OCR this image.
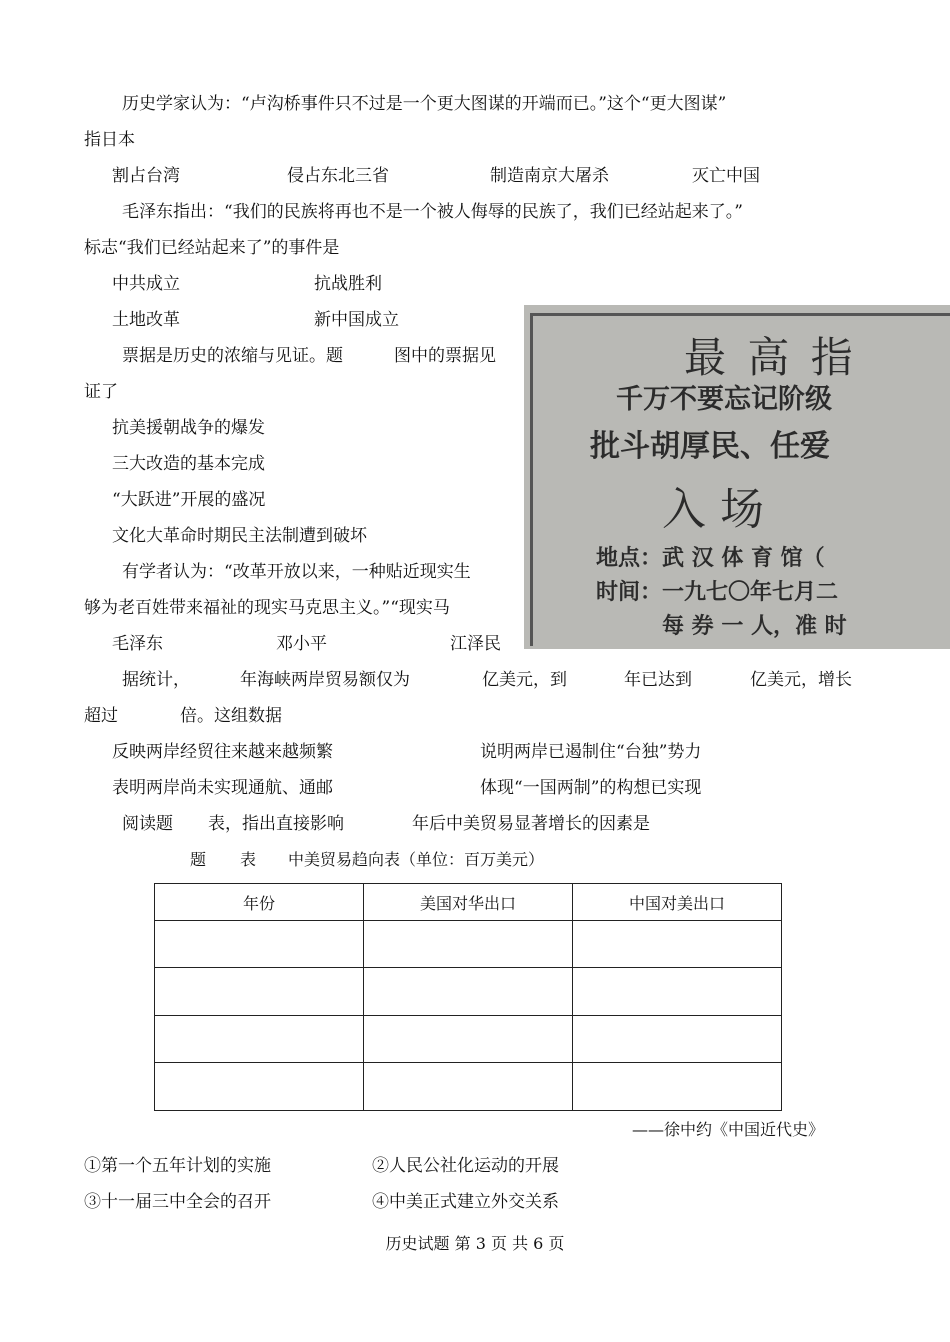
历史学家认为：“卢沟桥事件只不过是一个更大图谋的开端而已。”这个“更大图谋”
指日本
割占台湾	侵占东北三省	制造南京大屠杀	灭亡中国
毛泽东指出：“我们的民族将再也不是一个被人侮辱的民族了，我们已经站起来了。”
标志“我们已经站起来了”的事件是
中共成立	抗战胜利
土地改革	新中国成立
票据是历史的浓缩与见证。题	图中的票据见
证了
抗美援朝战争的爆发
三大改造的基本完成
“大跃进”开展的盛况
文化大革命时期民主法制遭到破坏
有学者认为：“改革开放以来，一种贴近现实生
够为老百姓带来福祉的现实马克思主义。”“现实马
毛泽东	邓小平	江泽民
最 高 指
千万不要忘记阶级
批斗胡厚民、任爱
入 场
地点：武 汉 体 育 馆（
时间：一九七〇年七月二
每 券 一 人，准 时
据统计，	年海峡两岸贸易额仅为	亿美元，到	年已达到	亿美元，增长
超过	倍。这组数据
反映两岸经贸往来越来越频繁	说明两岸已遏制住“台独”势力
表明两岸尚未实现通航、通邮	体现“一国两制”的构想已实现
阅读题 表，指出直接影响	年后中美贸易显著增长的因素是
题 表 中美贸易趋向表（单位：百万美元）
年份	美国对华出口	中国对美出口

——徐中约《中国近代史》
①第一个五年计划的实施	②人民公社化运动的开展
③十一届三中全会的召开	④中美正式建立外交关系
历史试题 第 3 页 共 6 页
